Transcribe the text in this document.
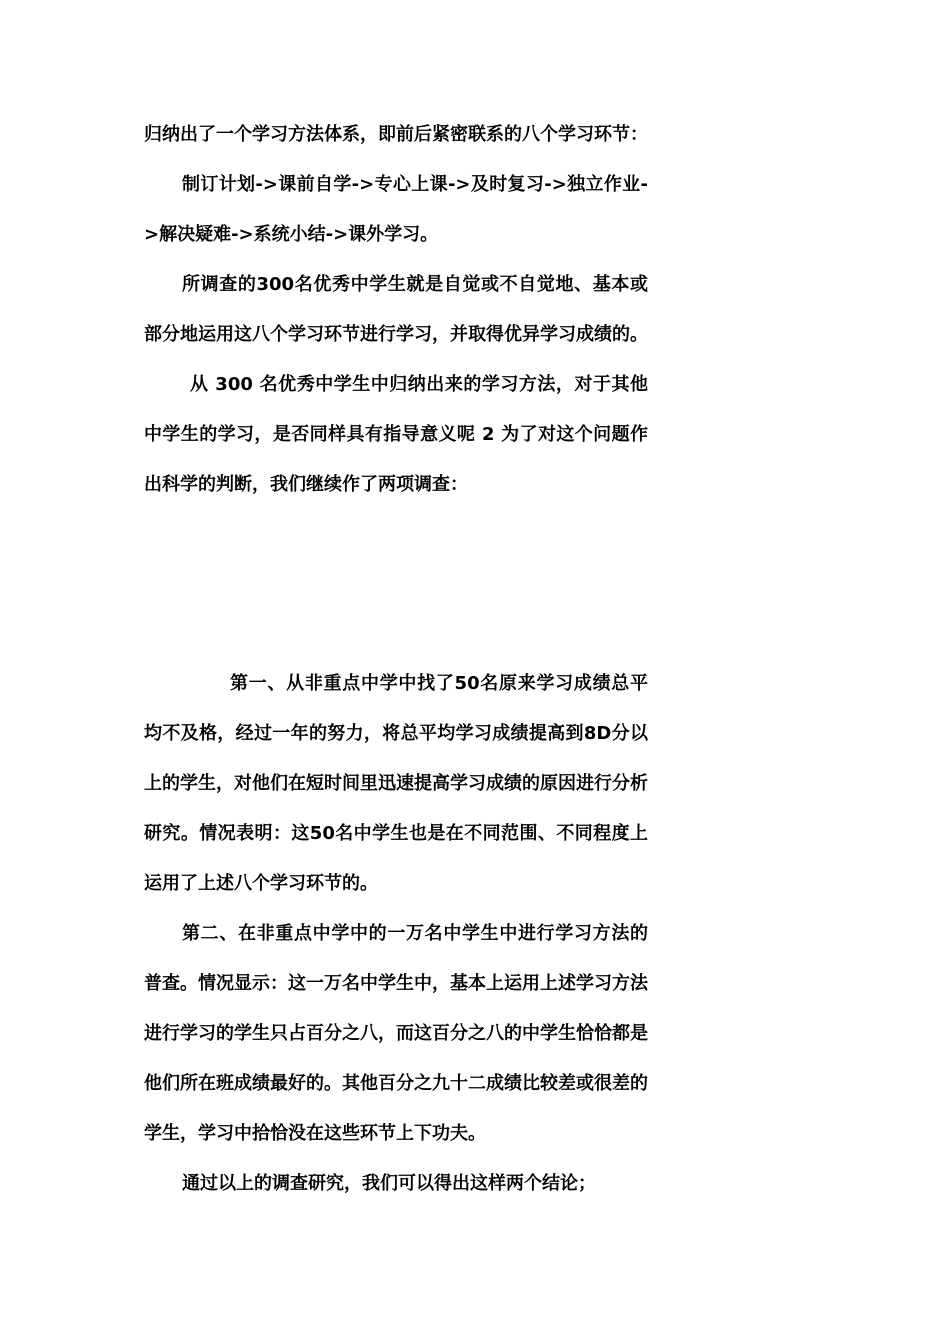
归纳出了一个学习方法体系，即前后紧密联系的八个学习环节：

制订计划->课前自学->专心上课->及时复习->独立作业->解决疑难->系统小结->课外学习。

所调查的300名优秀中学生就是自觉或不自觉地、基本或部分地运用这八个学习环节进行学习，并取得优异学习成绩的。

从 300 名优秀中学生中归纳出来的学习方法，对于其他中学生的学习，是否同样具有指导意义呢 2 为了对这个问题作出科学的判断，我们继续作了两项调查：

第一、从非重点中学中找了50名原来学习成绩总平均不及格，经过一年的努力，将总平均学习成绩提高到8D分以上的学生，对他们在短时间里迅速提高学习成绩的原因进行分析研究。情况表明：这50名中学生也是在不同范围、不同程度上运用了上述八个学习环节的。

第二、在非重点中学中的一万名中学生中进行学习方法的普查。情况显示：这一万名中学生中，基本上运用上述学习方法进行学习的学生只占百分之八，而这百分之八的中学生恰恰都是他们所在班成绩最好的。其他百分之九十二成绩比较差或很差的学生，学习中拾恰没在这些环节上下功夫。

通过以上的调查研究，我们可以得出这样两个结论；
